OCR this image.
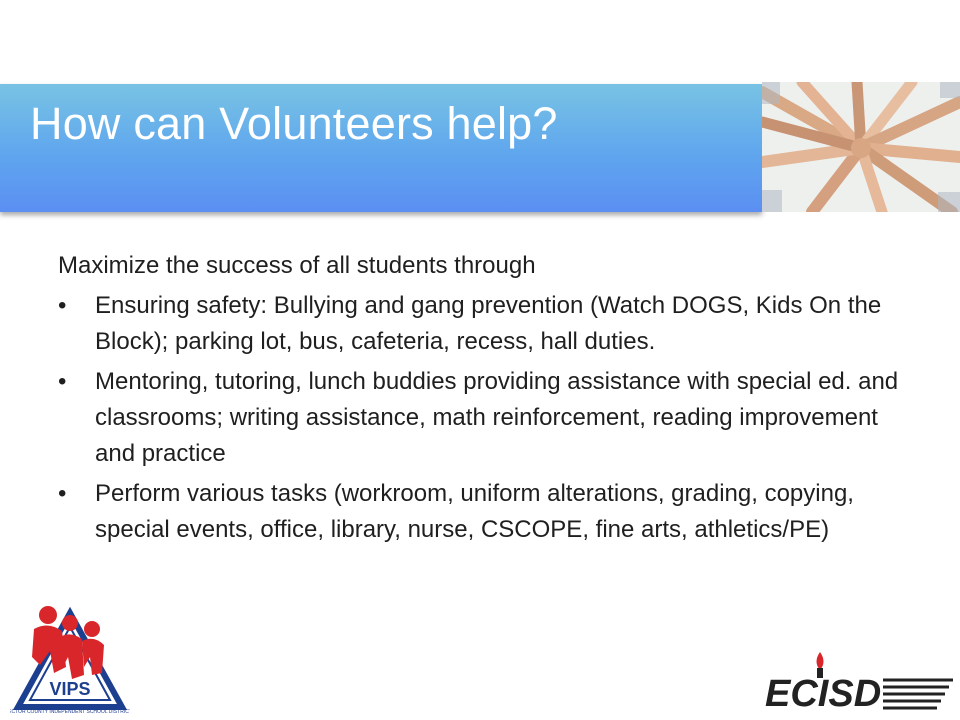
How can Volunteers help?

Maximize the success of all students through

• Ensuring safety: Bullying and gang prevention (Watch DOGS, Kids On the Block); parking lot, bus, cafeteria, recess, hall duties.
• Mentoring, tutoring, lunch buddies providing assistance with special ed. and classrooms; writing assistance, math reinforcement, reading improvement and practice
• Perform various tasks (workroom, uniform alterations, grading, copying, special events, office, library, nurse, CSCOPE, fine arts, athletics/PE)
VIPS
ECTOR COUNTY INDEPENDENT SCHOOL DISTRICT	ECISD
